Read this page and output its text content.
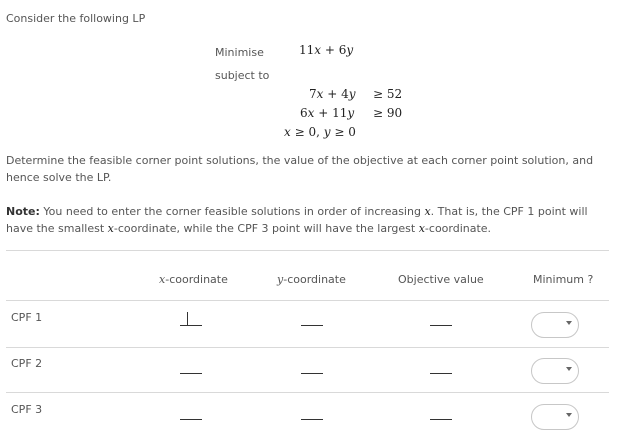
Consider the following LP
Minimise	11x + 6y
subject to
7x + 4y ≥ 52
6x + 11y ≥ 90
x ≥ 0, y ≥ 0
Determine the feasible corner point solutions, the value of the objective at each corner point solution, and
hence solve the LP.
Note: You need to enter the corner feasible solutions in order of increasing x. That is, the CPF 1 point will
have the smallest x-coordinate, while the CPF 3 point will have the largest x-coordinate.
x-coordinate	y-coordinate	Objective value	Minimum ?
CPF 1
CPF 2
CPF 3
